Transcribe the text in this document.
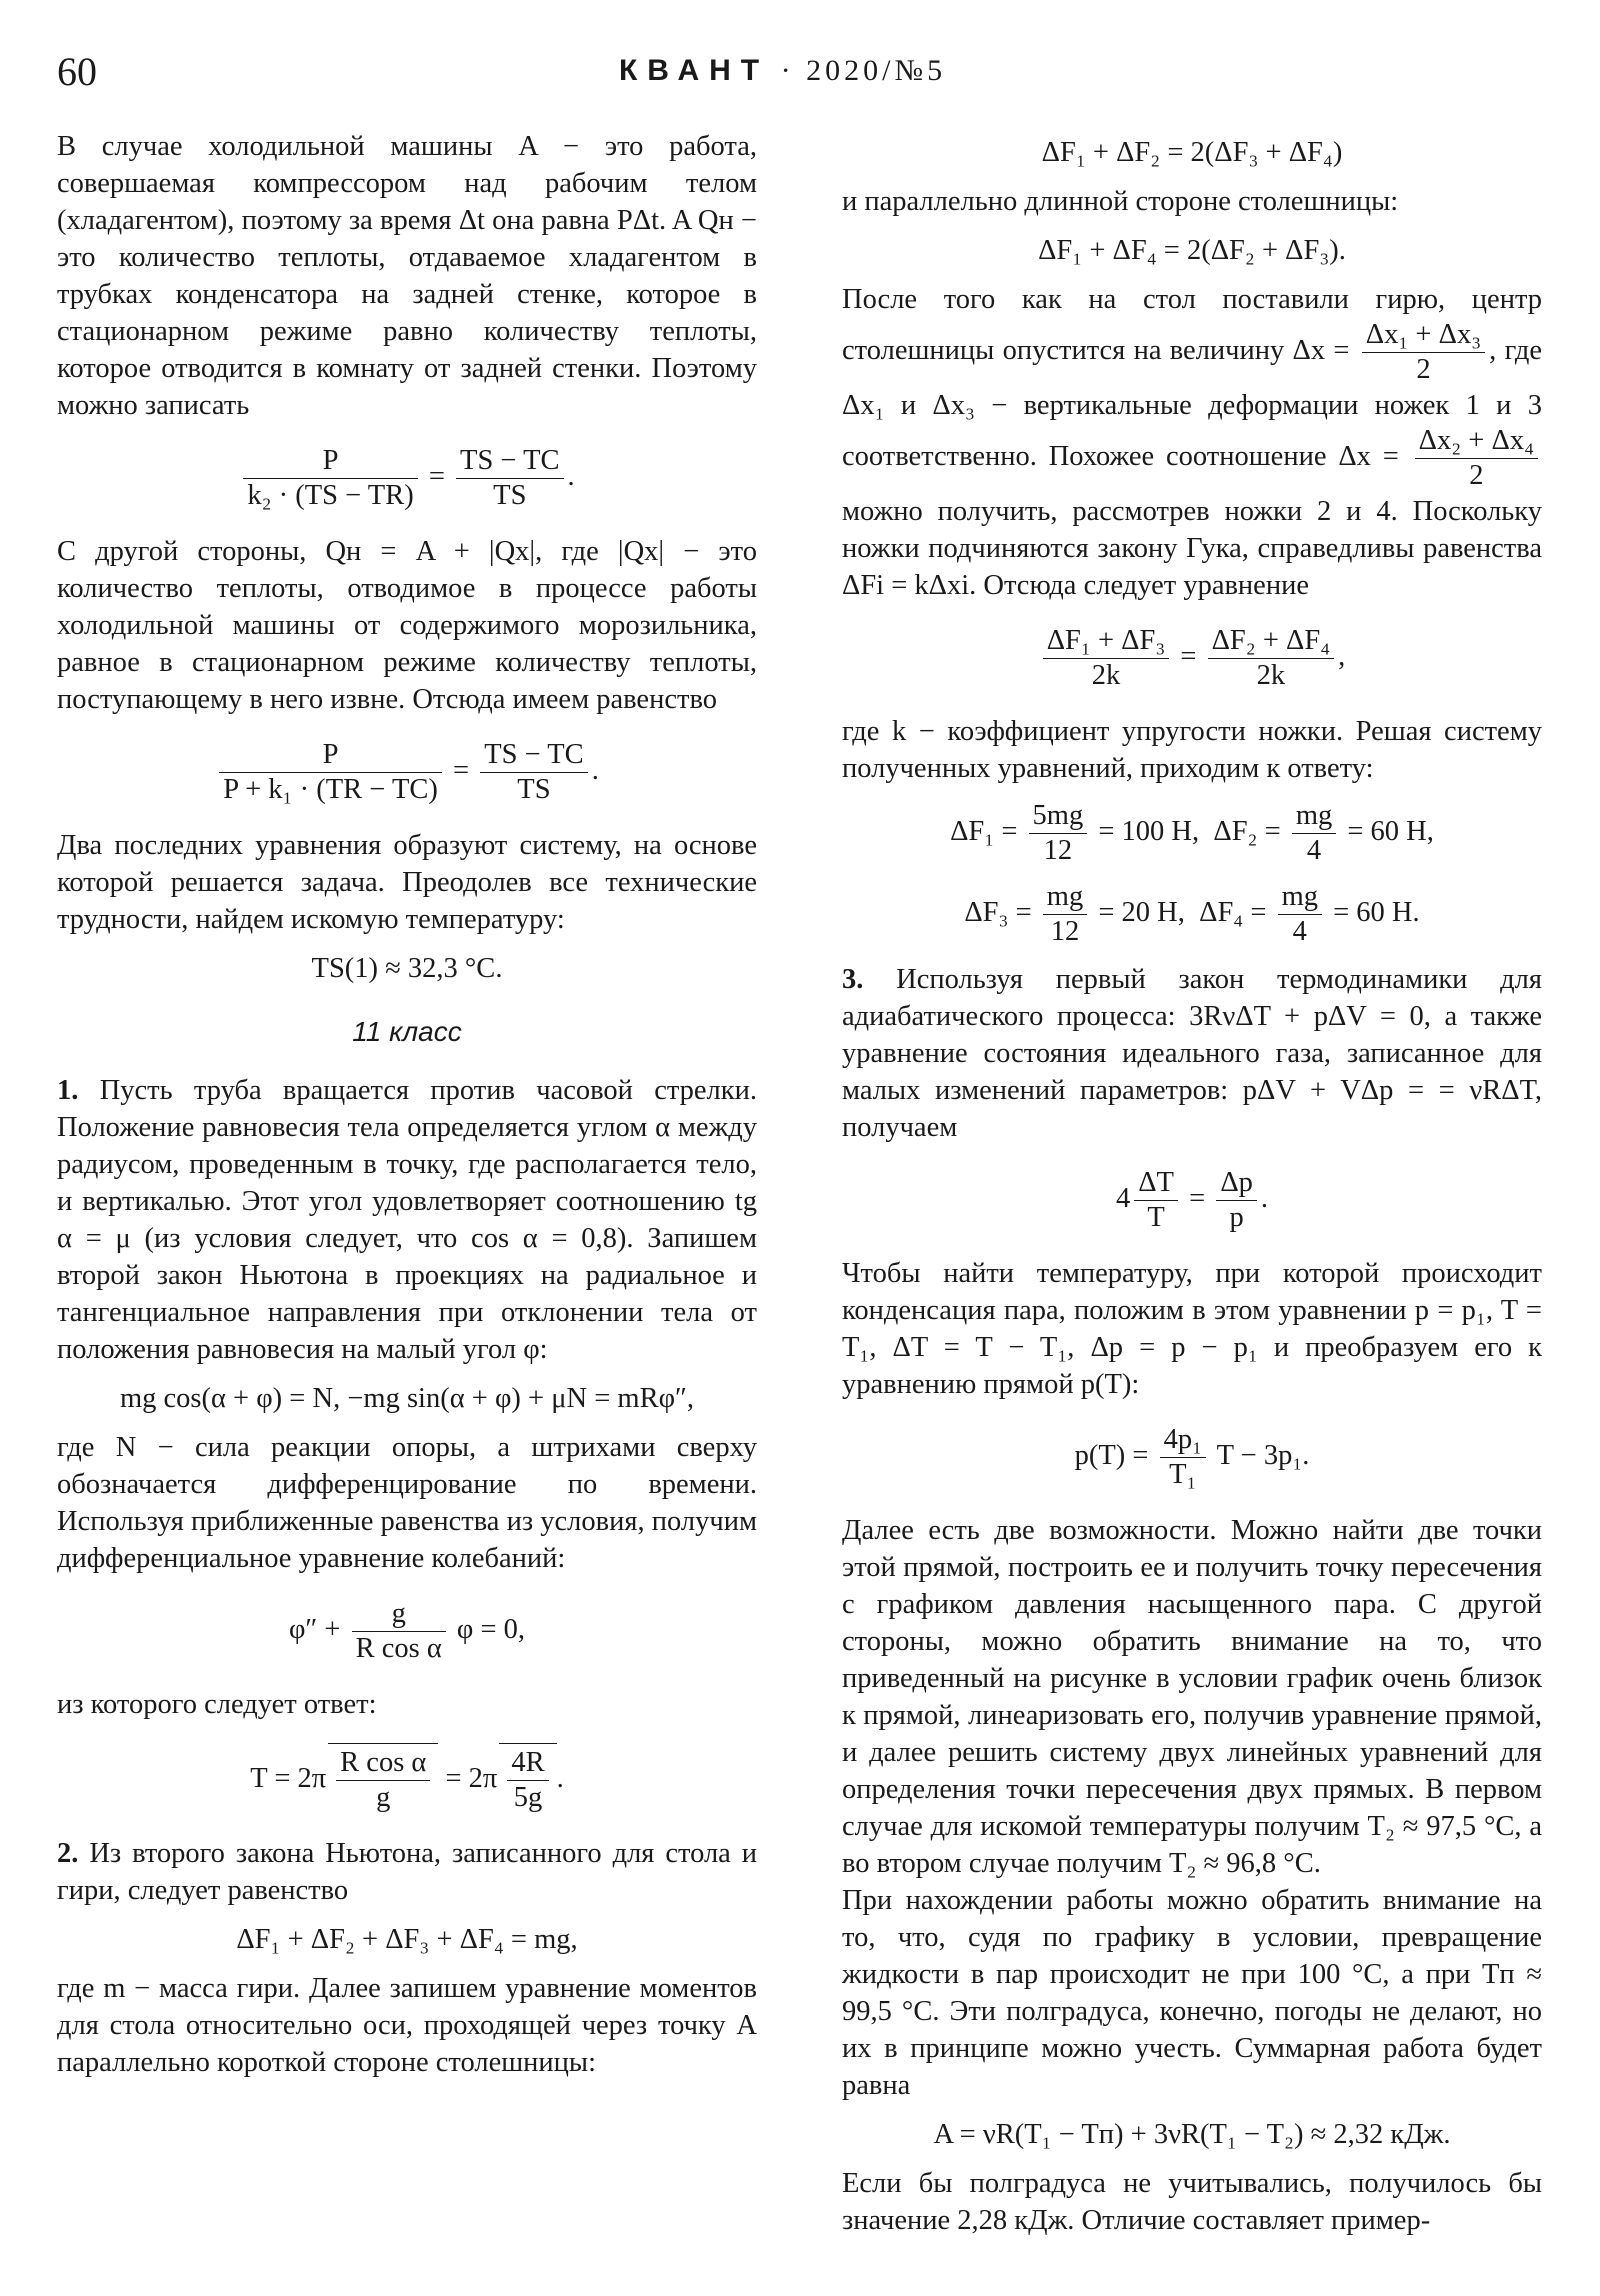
60	КВАНТ · 2020/№5

В случае холодильной машины A − это работа, совершаемая компрессором над рабочим телом (хладагентом), поэтому за время Δt она равна PΔt. A Qн − это количество теплоты, отдаваемое хладагентом в трубках конденсатора на задней стенке, которое в стационарном режиме равно количеству теплоты, которое отводится в комнату от задней стенки. Поэтому можно записать

$\frac{P}{\text{k₂ · (TS − TR)}} = \frac{TS - TC}{TS}$ .

С другой стороны, Qн = A + |Qх|, где |Qх| − это количество теплоты, отводимое в процессе работы холодильной машины от содержимого морозильника, равное в стационарном режиме количеству теплоты, поступающему в него извне. Отсюда имеем равенство

$\frac{P}{\text{P + k₁ · (TR − TC)}} = \frac{TS - TC}{TS}$ .

Два последних уравнения образуют систему, на основе которой решается задача. Преодолев все технические трудности, найдем искомую температуру:

TS(1) ≈ 32,3 °C.
11 класс

1. Пусть труба вращается против часовой стрелки. Положение равновесия тела определяется углом α между радиусом, проведенным в точку, где располагается тело, и вертикалью. Этот угол удовлетворяет соотношению tg α = μ (из условия следует, что cos α = 0,8). Запишем второй закон Ньютона в проекциях на радиальное и тангенциальное направления при отклонении тела от положения равновесия на малый угол φ:

mg cos(α + φ) = N, −mg sin(α + φ) + μN = mRφ″,

где N − сила реакции опоры, а штрихами сверху обозначается дифференцирование по времени. Используя приближенные равенства из условия, получим дифференциальное уравнение колебаний:

$\varphi'' + \frac{g}{\text{R cos α}}$ φ = 0,

из которого следует ответ:

$T = 2\pi \frac{\text{R cos α}}{g} = 2\pi \frac{4R}{5g}$ .

2. Из второго закона Ньютона, записанного для стола и гири, следует равенство

ΔF₁ + ΔF₂ + ΔF₃ + ΔF₄ = mg,

где m − масса гири. Далее запишем уравнение моментов для стола относительно оси, проходящей через точку A параллельно короткой стороне столешницы:

ΔF₁ + ΔF₂ = 2(ΔF₃ + ΔF₄)

и параллельно длинной стороне столешницы:

ΔF₁ + ΔF₄ = 2(ΔF₂ + ΔF₃).

После того как на стол поставили гирю, центр столешницы опустится на величину $\Delta x = \frac{\text{Δx₁ + Δx₃}}{2}$ , где Δx₁ и Δx₃ − вертикальные деформации ножек 1 и 3 соответственно. Похожее соотношение $\Delta x = \frac{\text{Δx₂ + Δx₄}}{2}$
можно получить, рассмотрев ножки 2 и 4. Поскольку ножки подчиняются закону Гука, справедливы равенства ΔFi = kΔxi. Отсюда следует уравнение

$\frac{\text{ΔF₁ + ΔF₃}}{2k} = \frac{\text{ΔF₂ + ΔF₄}}{2k}$ ,

где k − коэффициент упругости ножки. Решая систему полученных уравнений, приходим к ответу:

$\Delta F_1 = \frac{5mg}{12} = 100$ Н, $\Delta F_2 = \frac{mg}{4} = 60$ Н,
$\Delta F_3 = \frac{mg}{12} = 20$ Н, $\Delta F_4 = \frac{mg}{4} = 60$ Н.

3. Используя первый закон термодинамики для адиабатического процесса: 3RνΔT + pΔV = 0, а также уравнение состояния идеального газа, записанное для малых изменений параметров: pΔV + VΔp = = νRΔT, получаем

$4 \frac{\Delta T}{T} = \frac{\Delta p}{p}$ .

Чтобы найти температуру, при которой происходит конденсация пара, положим в этом уравнении p = p₁, T = T₁, ΔT = T − T₁, Δp = p − p₁ и преобразуем его к уравнению прямой p(T):

$p(T) = \frac{\text{4p₁}}{\text{T₁}}$ T − 3p₁.

Далее есть две возможности. Можно найти две точки этой прямой, построить ее и получить точку пересечения с графиком давления насыщенного пара. С другой стороны, можно обратить внимание на то, что приведенный на рисунке в условии график очень близок к прямой, линеаризовать его, получив уравнение прямой, и далее решить систему двух линейных уравнений для определения точки пересечения двух прямых. В первом случае для искомой температуры получим T₂ ≈ 97,5 °C, а во втором случае получим T₂ ≈ 96,8 °C.

При нахождении работы можно обратить внимание на то, что, судя по графику в условии, превращение жидкости в пар происходит не при 100 °C, а при Tп ≈ 99,5 °C. Эти полградуса, конечно, погоды не делают, но их в принципе можно учесть. Суммарная работа будет равна

A = νR(T₁ − Tп) + 3νR(T₁ − T₂) ≈ 2,32 кДж.

Если бы полградуса не учитывались, получилось бы значение 2,28 кДж. Отличие составляет пример-
